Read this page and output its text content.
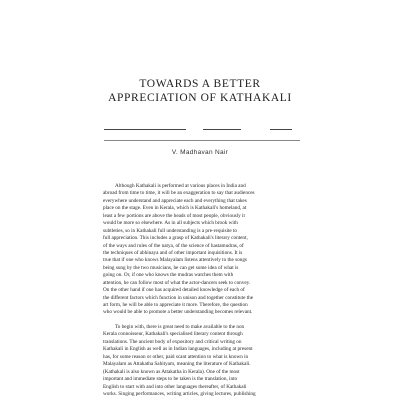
TOWARDS A BETTER
APPRECIATION OF KATHAKALI
V. Madhavan Nair
Although Kathakali is performed at various places in India and
abroad from time to time, it will be an exaggeration to say that audiences
everywhere understand and appreciate each and everything that takes
place on the stage. Even in Kerala, which is Kathakali's homeland, at
least a few portions are above the heads of most people, obviously it
would be more so elsewhere. As in all subjects which brook with
subtleties, so in Kathakali full understanding is a pre-requisite to
full appreciation. This includes a grasp of Kathakali's literary content,
of the ways and rules of the natya, of the science of hastamudras, of
the techniques of abhinaya and of other important inquisitions. It is
true that if one who knows Malayalam listens attentively to the songs
being sung by the two musicians, he can get some idea of what is
going on. Or, if one who knows the mudras watches them with
attention, he can follow most of what the actor-dancers seek to convey.
On the other hand if one has acquired detailed knowledge of each of
the different factors which function in unison and together constitute the
art form, he will be able to appreciate it more. Therefore, the question
who would be able to promote a better understanding becomes relevant.
To begin with, there is great need to make available to the non
Kerala connoisseur, Kathakali's specialised literary content through
translations. The ancient body of expository and critical writing on
Kathakali in English as well as in Indian languages, including at present
has, for some reason or other, paid scant attention to what is known in
Malayalam as Attakatha Sahityam, meaning the literature of Kathakali.
(Kathakali is also known as Attakatha in Kerala). One of the most
important and immediate steps to be taken is the translation, into
English to start with and into other languages thereafter, of Kathakali
works. Singing performances, writing articles, giving lectures, publishing
